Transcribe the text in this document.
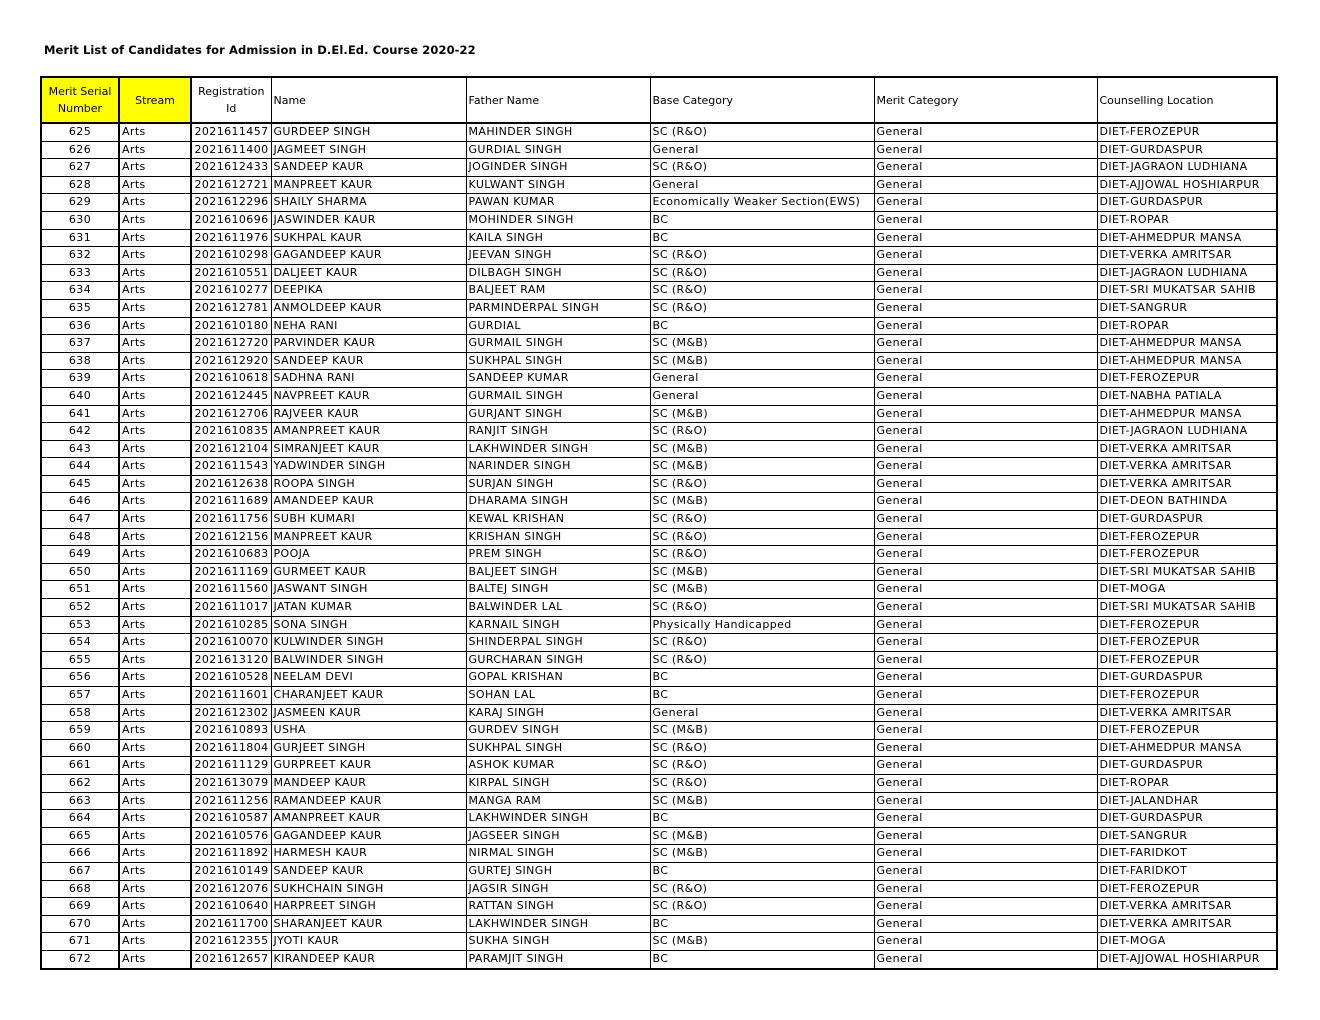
Merit List of Candidates for Admission in D.El.Ed. Course 2020-22
Merit Serial Number	Stream	Registration Id	Name	Father Name	Base Category	Merit Category	Counselling Location
625	Arts	2021611457	GURDEEP SINGH	MAHINDER SINGH	SC (R&O)	General	DIET-FEROZEPUR
626	Arts	2021611400	JAGMEET SINGH	GURDIAL SINGH	General	General	DIET-GURDASPUR
627	Arts	2021612433	SANDEEP KAUR	JOGINDER SINGH	SC (R&O)	General	DIET-JAGRAON LUDHIANA
628	Arts	2021612721	MANPREET KAUR	KULWANT SINGH	General	General	DIET-AJJOWAL HOSHIARPUR
629	Arts	2021612296	SHAILY SHARMA	PAWAN KUMAR	Economically Weaker Section(EWS)	General	DIET-GURDASPUR
630	Arts	2021610696	JASWINDER KAUR	MOHINDER SINGH	BC	General	DIET-ROPAR
631	Arts	2021611976	SUKHPAL KAUR	KAILA SINGH	BC	General	DIET-AHMEDPUR MANSA
632	Arts	2021610298	GAGANDEEP KAUR	JEEVAN SINGH	SC (R&O)	General	DIET-VERKA AMRITSAR
633	Arts	2021610551	DALJEET KAUR	DILBAGH SINGH	SC (R&O)	General	DIET-JAGRAON LUDHIANA
634	Arts	2021610277	DEEPIKA	BALJEET RAM	SC (R&O)	General	DIET-SRI MUKATSAR SAHIB
635	Arts	2021612781	ANMOLDEEP KAUR	PARMINDERPAL SINGH	SC (R&O)	General	DIET-SANGRUR
636	Arts	2021610180	NEHA RANI	GURDIAL	BC	General	DIET-ROPAR
637	Arts	2021612720	PARVINDER KAUR	GURMAIL SINGH	SC (M&B)	General	DIET-AHMEDPUR MANSA
638	Arts	2021612920	SANDEEP KAUR	SUKHPAL SINGH	SC (M&B)	General	DIET-AHMEDPUR MANSA
639	Arts	2021610618	SADHNA RANI	SANDEEP KUMAR	General	General	DIET-FEROZEPUR
640	Arts	2021612445	NAVPREET KAUR	GURMAIL SINGH	General	General	DIET-NABHA PATIALA
641	Arts	2021612706	RAJVEER KAUR	GURJANT SINGH	SC (M&B)	General	DIET-AHMEDPUR MANSA
642	Arts	2021610835	AMANPREET KAUR	RANJIT SINGH	SC (R&O)	General	DIET-JAGRAON LUDHIANA
643	Arts	2021612104	SIMRANJEET KAUR	LAKHWINDER SINGH	SC (M&B)	General	DIET-VERKA AMRITSAR
644	Arts	2021611543	YADWINDER SINGH	NARINDER SINGH	SC (M&B)	General	DIET-VERKA AMRITSAR
645	Arts	2021612638	ROOPA SINGH	SURJAN SINGH	SC (R&O)	General	DIET-VERKA AMRITSAR
646	Arts	2021611689	AMANDEEP KAUR	DHARAMA SINGH	SC (M&B)	General	DIET-DEON BATHINDA
647	Arts	2021611756	SUBH KUMARI	KEWAL KRISHAN	SC (R&O)	General	DIET-GURDASPUR
648	Arts	2021612156	MANPREET KAUR	KRISHAN SINGH	SC (R&O)	General	DIET-FEROZEPUR
649	Arts	2021610683	POOJA	PREM SINGH	SC (R&O)	General	DIET-FEROZEPUR
650	Arts	2021611169	GURMEET KAUR	BALJEET SINGH	SC (M&B)	General	DIET-SRI MUKATSAR SAHIB
651	Arts	2021611560	JASWANT SINGH	BALTEJ SINGH	SC (M&B)	General	DIET-MOGA
652	Arts	2021611017	JATAN KUMAR	BALWINDER LAL	SC (R&O)	General	DIET-SRI MUKATSAR SAHIB
653	Arts	2021610285	SONA SINGH	KARNAIL SINGH	Physically Handicapped	General	DIET-FEROZEPUR
654	Arts	2021610070	KULWINDER SINGH	SHINDERPAL SINGH	SC (R&O)	General	DIET-FEROZEPUR
655	Arts	2021613120	BALWINDER SINGH	GURCHARAN SINGH	SC (R&O)	General	DIET-FEROZEPUR
656	Arts	2021610528	NEELAM DEVI	GOPAL KRISHAN	BC	General	DIET-GURDASPUR
657	Arts	2021611601	CHARANJEET KAUR	SOHAN LAL	BC	General	DIET-FEROZEPUR
658	Arts	2021612302	JASMEEN KAUR	KARAJ SINGH	General	General	DIET-VERKA AMRITSAR
659	Arts	2021610893	USHA	GURDEV SINGH	SC (M&B)	General	DIET-FEROZEPUR
660	Arts	2021611804	GURJEET SINGH	SUKHPAL SINGH	SC (R&O)	General	DIET-AHMEDPUR MANSA
661	Arts	2021611129	GURPREET KAUR	ASHOK KUMAR	SC (R&O)	General	DIET-GURDASPUR
662	Arts	2021613079	MANDEEP KAUR	KIRPAL SINGH	SC (R&O)	General	DIET-ROPAR
663	Arts	2021611256	RAMANDEEP KAUR	MANGA RAM	SC (M&B)	General	DIET-JALANDHAR
664	Arts	2021610587	AMANPREET KAUR	LAKHWINDER SINGH	BC	General	DIET-GURDASPUR
665	Arts	2021610576	GAGANDEEP KAUR	JAGSEER SINGH	SC (M&B)	General	DIET-SANGRUR
666	Arts	2021611892	HARMESH KAUR	NIRMAL SINGH	SC (M&B)	General	DIET-FARIDKOT
667	Arts	2021610149	SANDEEP KAUR	GURTEJ SINGH	BC	General	DIET-FARIDKOT
668	Arts	2021612076	SUKHCHAIN SINGH	JAGSIR SINGH	SC (R&O)	General	DIET-FEROZEPUR
669	Arts	2021610640	HARPREET SINGH	RATTAN SINGH	SC (R&O)	General	DIET-VERKA AMRITSAR
670	Arts	2021611700	SHARANJEET KAUR	LAKHWINDER SINGH	BC	General	DIET-VERKA AMRITSAR
671	Arts	2021612355	JYOTI KAUR	SUKHA SINGH	SC (M&B)	General	DIET-MOGA
672	Arts	2021612657	KIRANDEEP KAUR	PARAMJIT SINGH	BC	General	DIET-AJJOWAL HOSHIARPUR
